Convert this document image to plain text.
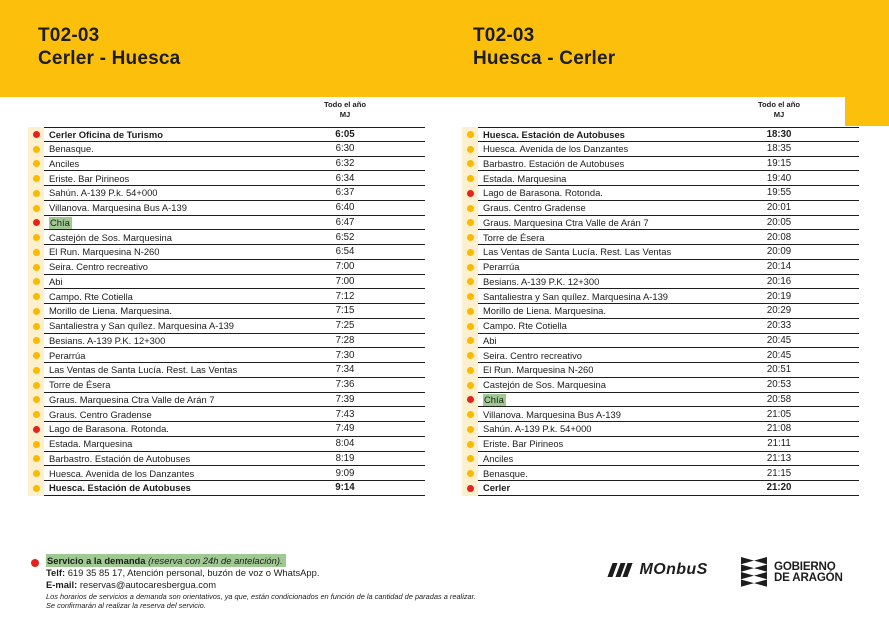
T02-03
Cerler - Huesca
T02-03
Huesca - Cerler
Todo el año
MJ
Cerler Oficina de Turismo	6:05
Benasque.	6:30
Anciles	6:32
Eriste. Bar Pirineos	6:34
Sahún. A-139 P.k. 54+000	6:37
Villanova. Marquesina Bus A-139	6:40
Chía	6:47
Castejón de Sos. Marquesina	6:52
El Run. Marquesina N-260	6:54
Seira. Centro recreativo	7:00
Abi	7:00
Campo. Rte Cotiella	7:12
Morillo de Liena. Marquesina.	7:15
Santaliestra y San quílez. Marquesina A-139	7:25
Besians. A-139 P.K. 12+300	7:28
Perarrúa	7:30
Las Ventas de Santa Lucía. Rest. Las Ventas	7:34
Torre de Ésera	7:36
Graus. Marquesina Ctra Valle de Arán 7	7:39
Graus. Centro Gradense	7:43
Lago de Barasona. Rotonda.	7:49
Estada. Marquesina	8:04
Barbastro. Estación de Autobuses	8:19
Huesca. Avenida de los Danzantes	9:09
Huesca. Estación de Autobuses	9:14
Todo el año
MJ
Huesca. Estación de Autobuses	18:30
Huesca. Avenida de los Danzantes	18:35
Barbastro. Estación de Autobuses	19:15
Estada. Marquesina	19:40
Lago de Barasona. Rotonda.	19:55
Graus. Centro Gradense	20:01
Graus. Marquesina Ctra Valle de Arán 7	20:05
Torre de Ésera	20:08
Las Ventas de Santa Lucía. Rest. Las Ventas	20:09
Perarrúa	20:14
Besians. A-139 P.K. 12+300	20:16
Santaliestra y San quílez. Marquesina A-139	20:19
Morillo de Liena. Marquesina.	20:29
Campo. Rte Cotiella	20:33
Abi	20:45
Seira. Centro recreativo	20:45
El Run. Marquesina N-260	20:51
Castejón de Sos. Marquesina	20:53
Chía	20:58
Villanova. Marquesina Bus A-139	21:05
Sahún. A-139 P.k. 54+000	21:08
Eriste. Bar Pirineos	21:11
Anciles	21:13
Benasque.	21:15
Cerler	21:20
Servicio a la demanda (reserva con 24h de antelación).
Telf: 619 35 85 17, Atención personal, buzón de voz o WhatsApp.
E-mail: reservas@autocaresbergua.com
Los horarios de servicios a demanda son orientativos, ya que, están condicionados en función de la cantidad de paradas a realizar.
Se confirmarán al realizar la reserva del servicio.
MOnbuS	GOBIERNO
DE ARAGÓN
